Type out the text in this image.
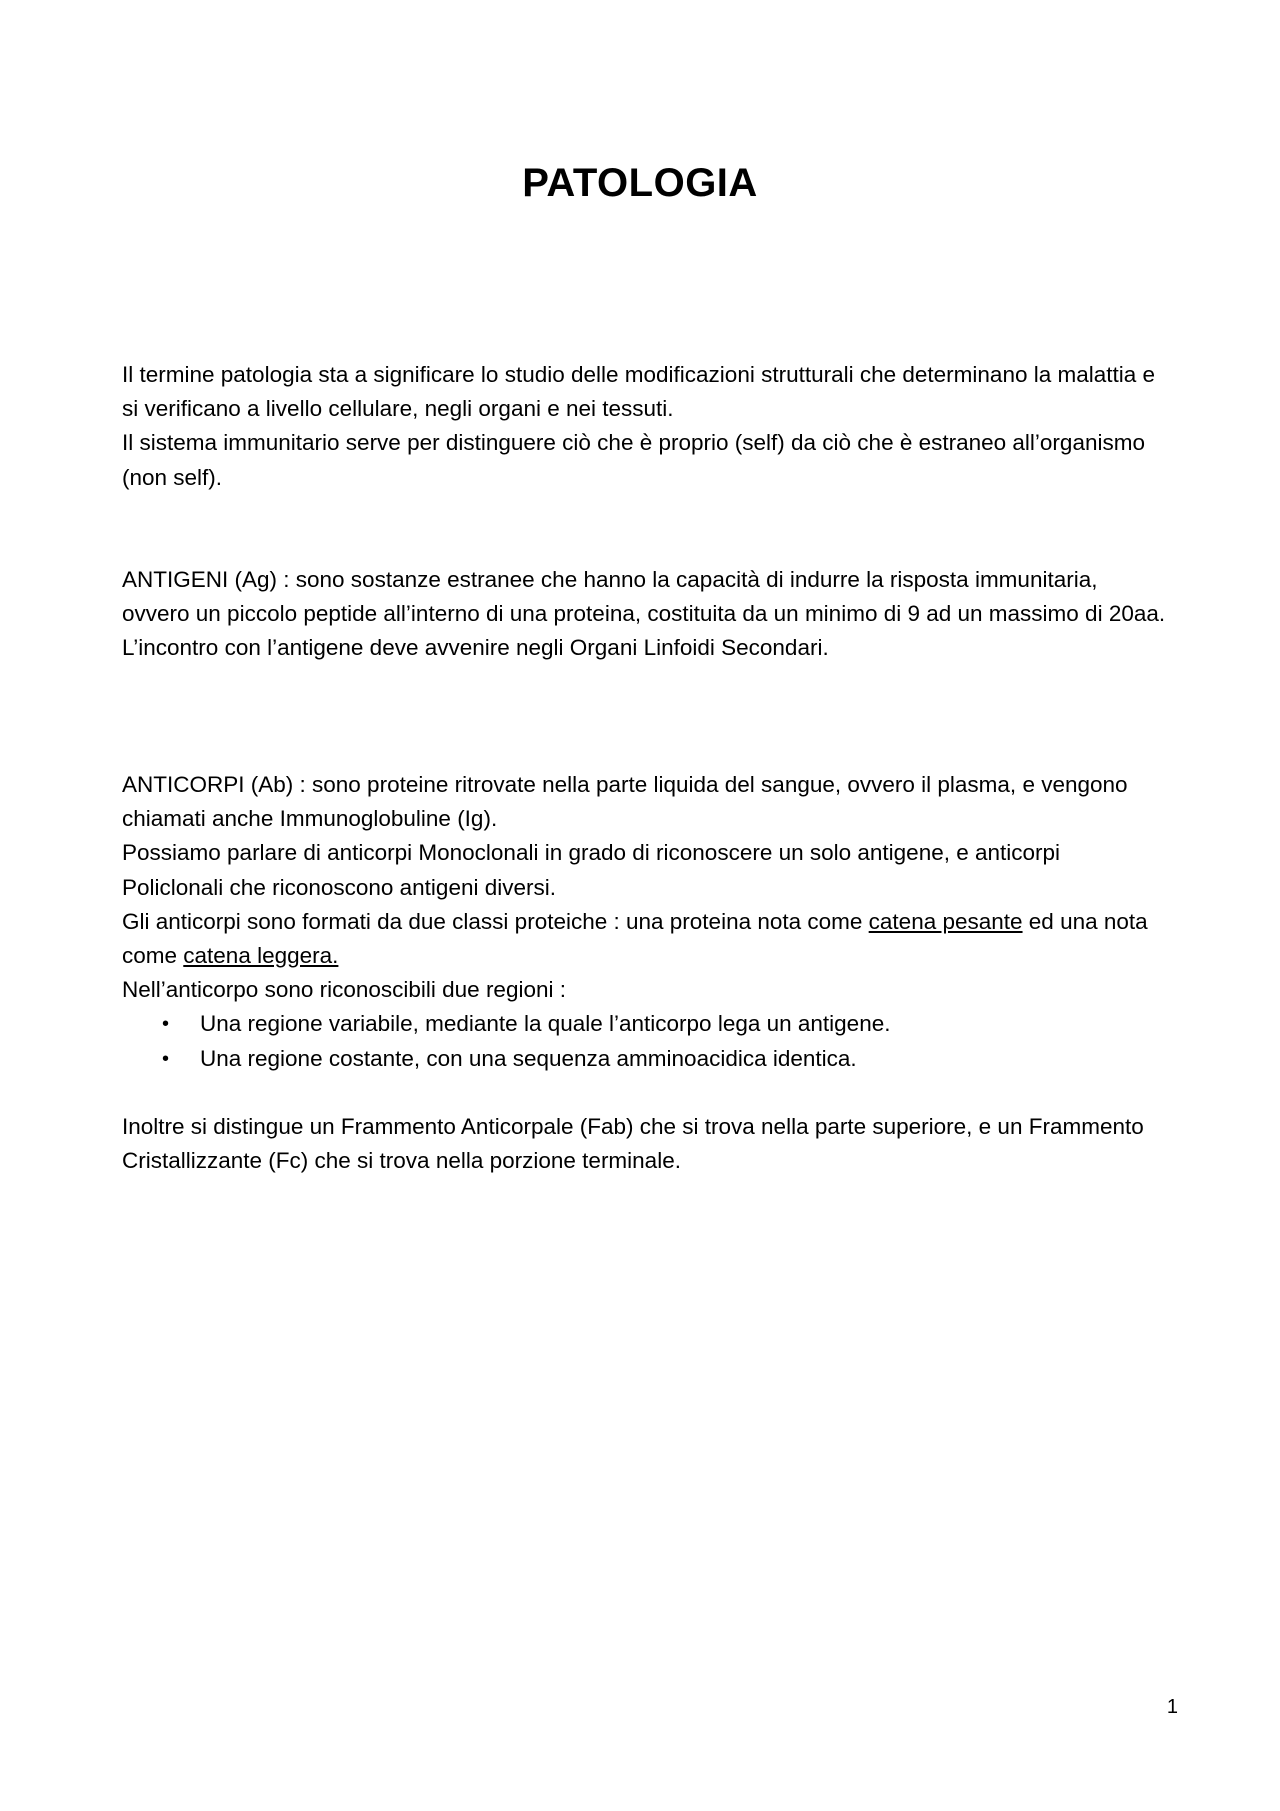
PATOLOGIA

Il termine patologia sta a significare lo studio delle modificazioni strutturali che determinano la malattia e si verificano a livello cellulare, negli organi e nei tessuti.

Il sistema immunitario serve per distinguere ciò che è proprio (self) da ciò che è estraneo all’organismo (non self).

ANTIGENI (Ag) : sono sostanze estranee che hanno la capacità di indurre la risposta immunitaria, ovvero un piccolo peptide all’interno di una proteina, costituita da un minimo di 9 ad un massimo di 20aa.

L’incontro con l’antigene deve avvenire negli Organi Linfoidi Secondari.

ANTICORPI (Ab) : sono proteine ritrovate nella parte liquida del sangue, ovvero il plasma, e vengono chiamati anche Immunoglobuline (Ig).

Possiamo parlare di anticorpi Monoclonali in grado di riconoscere un solo antigene, e anticorpi Policlonali che riconoscono antigeni diversi.

Gli anticorpi sono formati da due classi proteiche : una proteina nota come catena pesante ed una nota come catena leggera.

Nell’anticorpo sono riconoscibili due regioni :

• Una regione variabile, mediante la quale l’anticorpo lega un antigene.
• Una regione costante, con una sequenza amminoacidica identica.

Inoltre si distingue un Frammento Anticorpale (Fab) che si trova nella parte superiore, e un Frammento Cristallizzante (Fc) che si trova nella porzione terminale.

1
